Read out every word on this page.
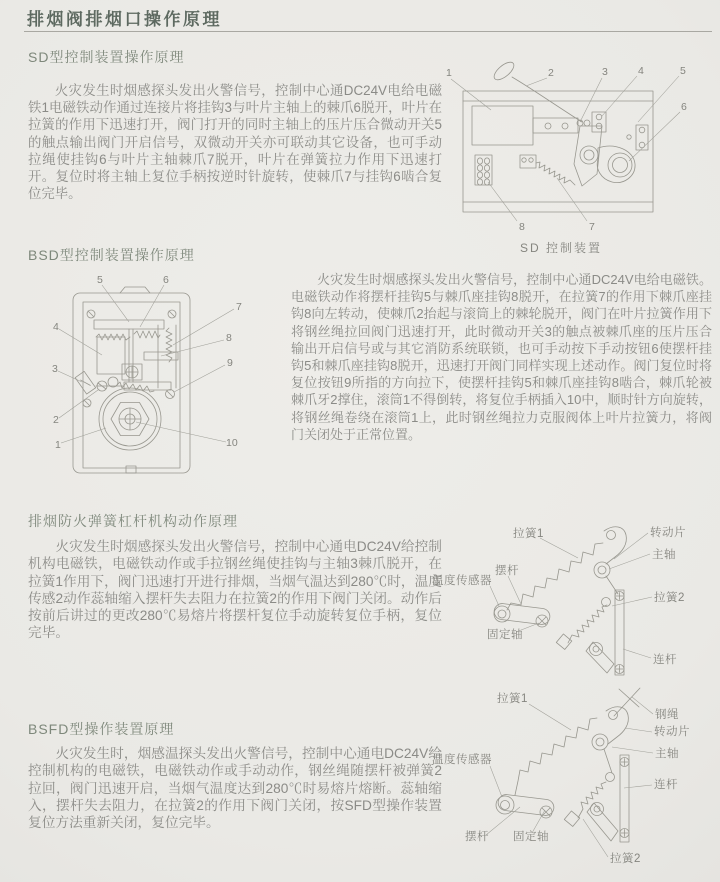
排烟阀排烟口操作原理
SD型控制装置操作原理

火灾发生时烟感探头发出火警信号，控制中心通DC24V电给电磁铁1电磁铁动作通过连接片将挂钩3与叶片主轴上的棘爪6脱开，叶片在拉簧的作用下迅速打开，阀门打开的同时主轴上的压片压合微动开关5的触点输出阀门开启信号，双微动开关亦可联动其它设备，也可手动拉绳使挂钩6与叶片主轴棘爪7脱开，叶片在弹簧拉力作用下迅速打开。复位时将主轴上复位手柄按逆时针旋转，使棘爪7与挂钩6啮合复位完毕。

1	2	3	4	5
6
7
8
SD 控制装置
BSD型控制装置操作原理

火灾发生时烟感探头发出火警信号，控制中心通DC24V电给电磁铁。电磁铁动作将摆杆挂钩5与棘爪座挂钩8脱开，在拉簧7的作用下棘爪座挂钩8向左转动，使棘爪2抬起与滚筒上的棘轮脱开，阀门在叶片拉簧作用下将钢丝绳拉回阀门迅速打开，此时微动开关3的触点被棘爪座的压片压合输出开启信号或与其它消防系统联锁，也可手动按下手动按钮6使摆杆挂钩5和棘爪座挂钩8脱开，迅速打开阀门同样实现上述动作。阀门复位时将复位按钮9所指的方向拉下，使摆杆挂钩5和棘爪座挂钩8啮合，棘爪轮被棘爪牙2撑住，滚筒1不得倒转，将复位手柄插入10中，顺时针方向旋转，将钢丝绳卷绕在滚筒1上，此时钢丝绳拉力克服阀体上叶片拉簧力，将阀门关闭处于正常位置。

1
2
3
4
5	6
7
8
9
10
排烟防火弹簧杠杆机构动作原理

火灾发生时烟感探头发出火警信号，控制中心通电DC24V给控制机构电磁铁，电磁铁动作或手拉钢丝绳使挂钩与主轴3棘爪脱开，在拉簧1作用下，阀门迅速打开进行排烟，当烟气温达到280℃时，温度传感2动作蕊轴缩入摆杆失去阻力在拉簧2的作用下阀门关闭。动作后按前后讲过的更改280℃易熔片将摆杆复位手动旋转复位手柄，复位完毕。

拉簧1	转动片
主轴
摆杆
温度传感器
固定轴
拉簧2
连杆
BSFD型操作装置原理

火灾发生时，烟感温探头发出火警信号，控制中心通电DC24V给控制机构的电磁铁，电磁铁动作或手动动作，钢丝绳随摆杆被弹簧2拉回，阀门迅速开启，当烟气温度达到280℃时易熔片熔断。蕊轴缩入，摆杆失去阻力，在拉簧2的作用下阀门关闭，按SFD型操作装置复位方法重新关闭，复位完毕。

拉簧1
钢绳
转动片
主轴
温度传感器
连杆
摆杆 固定轴
拉簧2
